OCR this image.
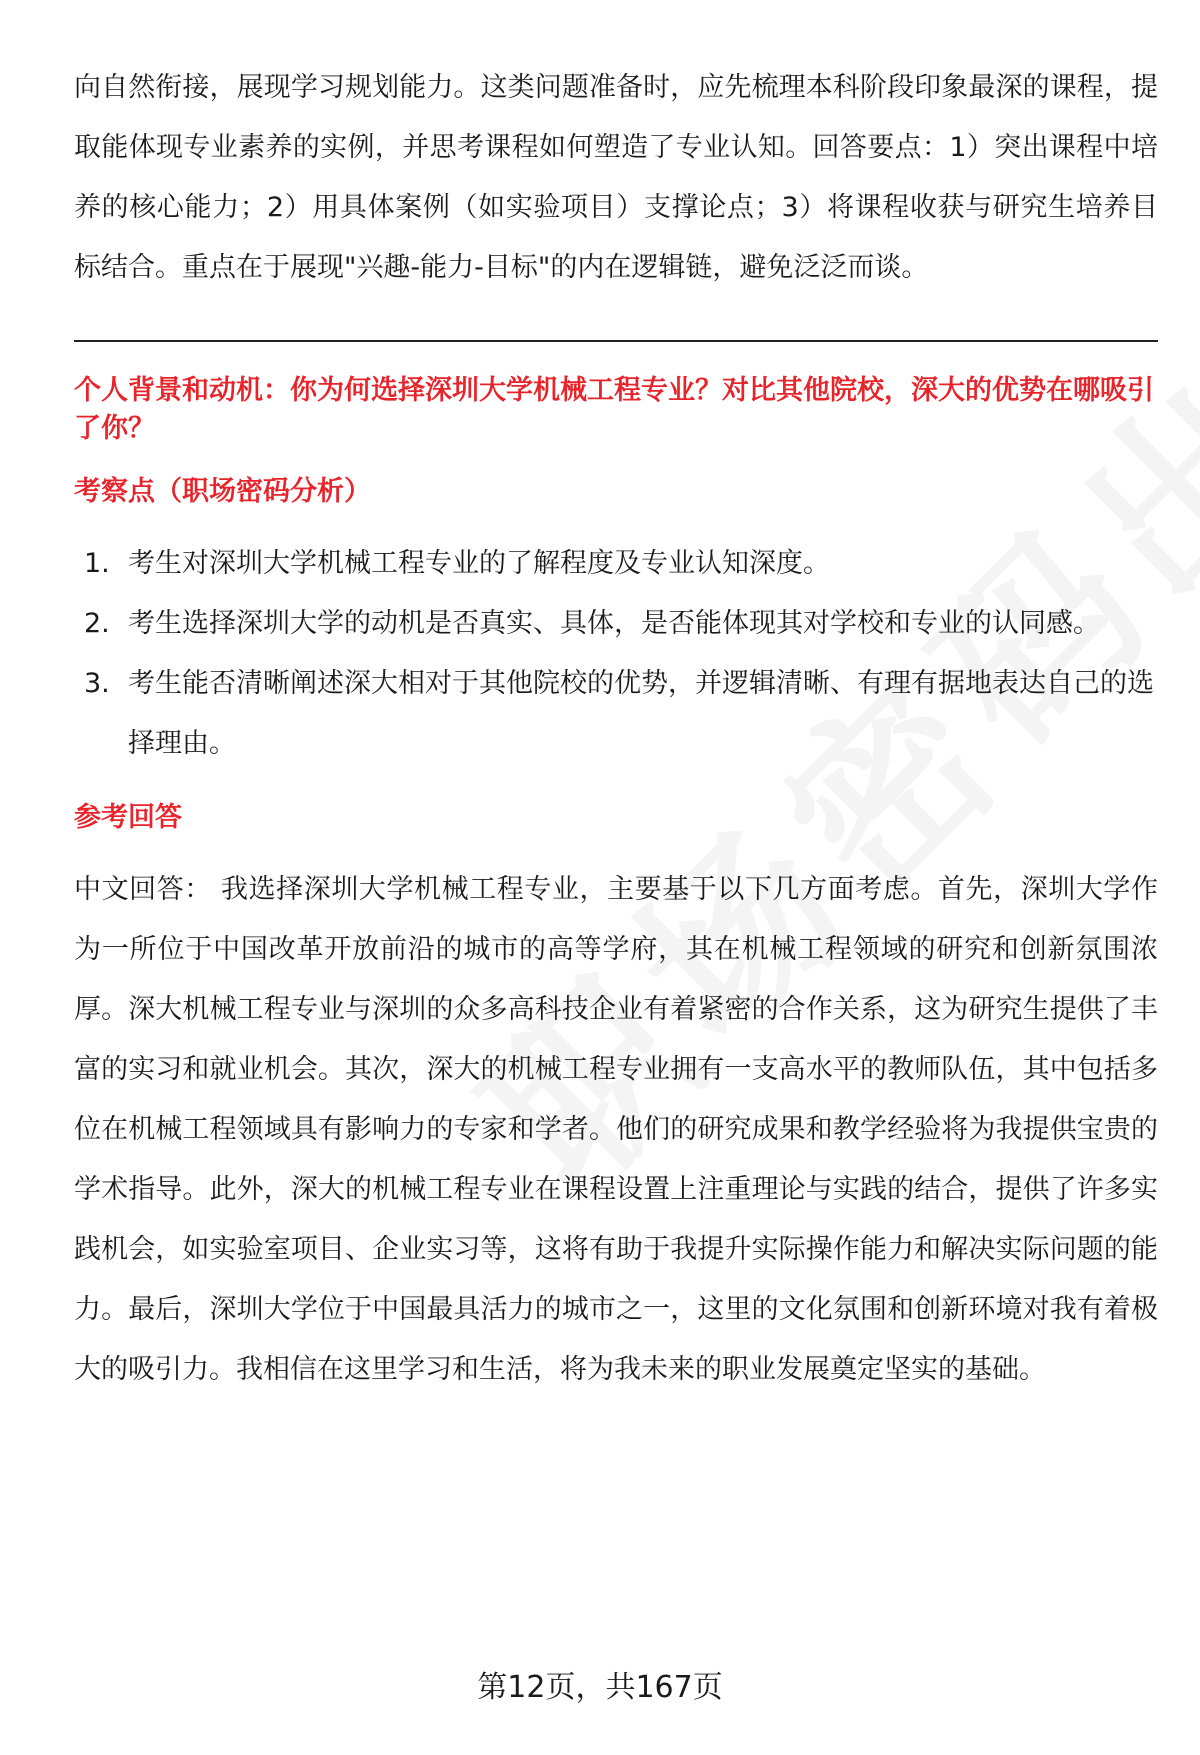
向自然衔接，展现学习规划能力。这类问题准备时，应先梳理本科阶段印象最深的课程，提取能体现专业素养的实例，并思考课程如何塑造了专业认知。回答要点：1）突出课程中培养的核心能力；2）用具体案例（如实验项目）支撑论点；3）将课程收获与研究生培养目标结合。重点在于展现"兴趣-能力-目标"的内在逻辑链，避免泛泛而谈。

个人背景和动机：你为何选择深圳大学机械工程专业？对比其他院校，深大的优势在哪吸引了你？

考察点（职场密码分析）
1. 考生对深圳大学机械工程专业的了解程度及专业认知深度。
2. 考生选择深圳大学的动机是否真实、具体，是否能体现其对学校和专业的认同感。
3. 考生能否清晰阐述深大相对于其他院校的优势，并逻辑清晰、有理有据地表达自己的选择理由。
参考回答

中文回答： 我选择深圳大学机械工程专业，主要基于以下几方面考虑。首先，深圳大学作为一所位于中国改革开放前沿的城市的高等学府，其在机械工程领域的研究和创新氛围浓厚。深大机械工程专业与深圳的众多高科技企业有着紧密的合作关系，这为研究生提供了丰富的实习和就业机会。其次，深大的机械工程专业拥有一支高水平的教师队伍，其中包括多位在机械工程领域具有影响力的专家和学者。他们的研究成果和教学经验将为我提供宝贵的学术指导。此外，深大的机械工程专业在课程设置上注重理论与实践的结合，提供了许多实践机会，如实验室项目、企业实习等，这将有助于我提升实际操作能力和解决实际问题的能力。最后，深圳大学位于中国最具活力的城市之一，这里的文化氛围和创新环境对我有着极大的吸引力。我相信在这里学习和生活，将为我未来的职业发展奠定坚实的基础。

第12页，共167页
